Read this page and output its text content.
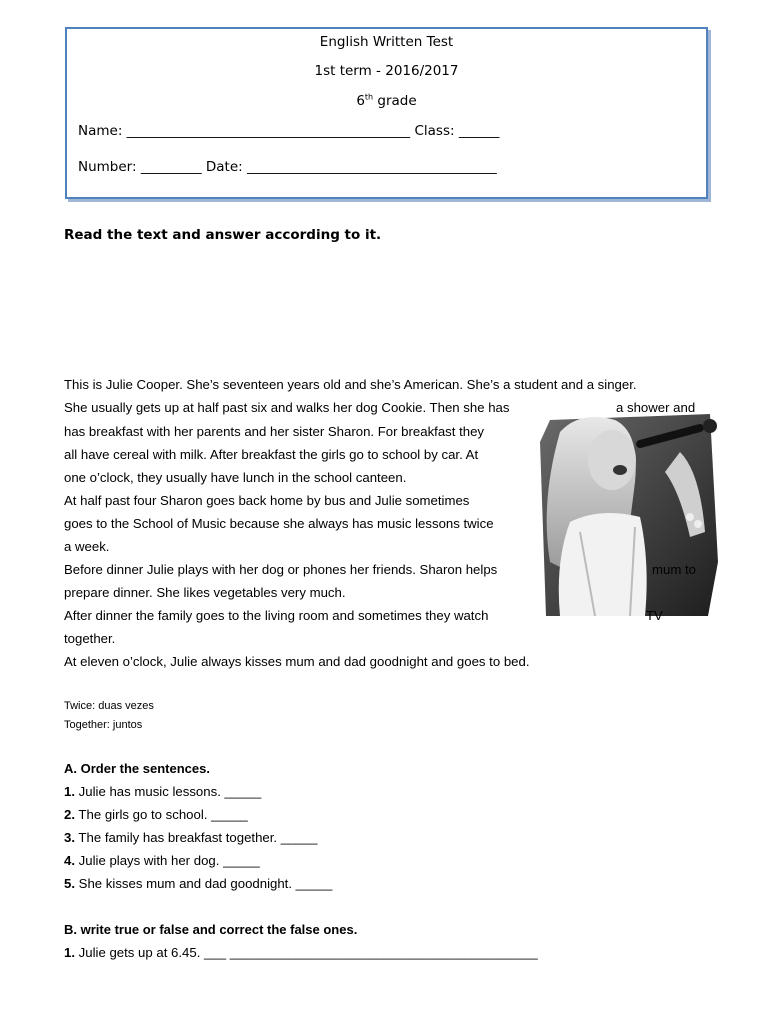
English Written Test
1st term - 2016/2017
6th grade
Name: __________________________________________ Class: ______
Number: _________ Date: _____________________________________
Read the text and answer according to it.
This is Julie Cooper. She’s seventeen years old and she’s American. She’s a student and a singer.
She usually gets up at half past six and walks her dog Cookie. Then she has	a shower and
has breakfast with her parents and her sister Sharon. For breakfast they
all have cereal with milk. After breakfast the girls go to school by car. At
one o’clock, they usually have lunch in the school canteen.
At half past four Sharon goes back home by bus and Julie sometimes
goes to the School of Music because she always has music lessons twice
a week.
Before dinner Julie plays with her dog or phones her friends. Sharon helps	mum to
prepare dinner. She likes vegetables very much.
After dinner the family goes to the living room and sometimes they watch	TV
together.
At eleven o’clock, Julie always kisses mum and dad goodnight and goes to bed.
Twice: duas vezes
Together: juntos
A. Order the sentences.
1. Julie has music lessons. _____
2. The girls go to school. _____
3. The family has breakfast together. _____
4. Julie plays with her dog. _____
5. She kisses mum and dad goodnight. _____
B. write true or false and correct the false ones.
1. Julie gets up at 6.45. ___ __________________________________________
